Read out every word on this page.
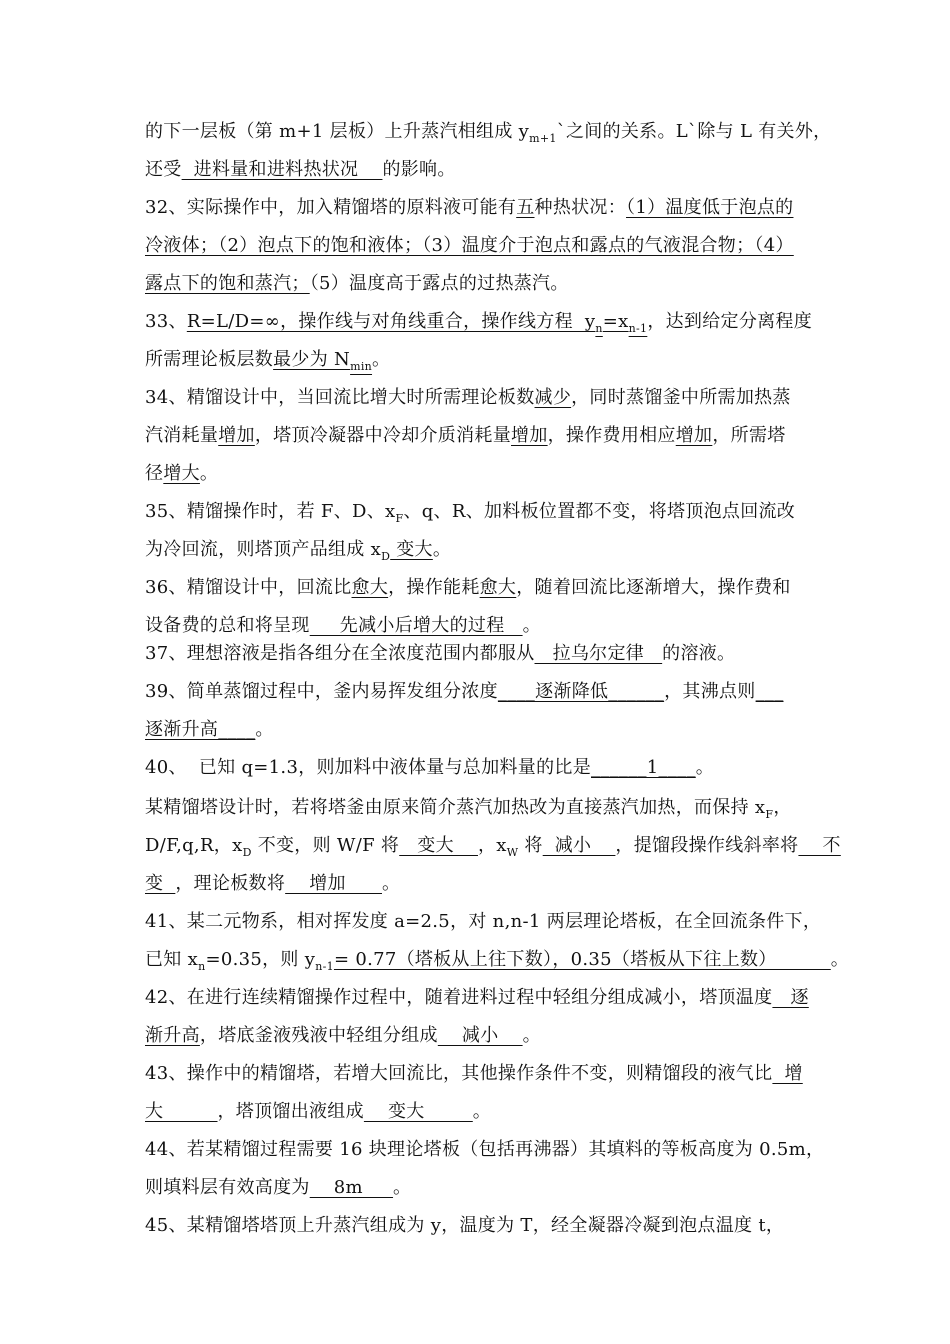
的下一层板（第 m+1 层板）上升蒸汽相组成 $y_{m+1}`$之间的关系。L`除与 L 有关外，
还受  进料量和进料热状况    的影响。
32、实际操作中，加入精馏塔的原料液可能有五种热状况：（1）温度低于泡点的
冷液体；（2）泡点下的饱和液体；（3）温度介于泡点和露点的气液混合物；（4）
露点下的饱和蒸汽；（5）温度高于露点的过热蒸汽。
33、R=L/D=∞，操作线与对角线重合，操作线方程  $y_n=x_{n-1}$，达到给定分离程度
所需理论板层数最少为 $N_{min}$。
34、精馏设计中，当回流比增大时所需理论板数减少，同时蒸馏釜中所需加热蒸
汽消耗量增加，塔顶冷凝器中冷却介质消耗量增加，操作费用相应增加，所需塔
径增大。
35、精馏操作时，若 F、D、$x_F$、q、R、加料板位置都不变，将塔顶泡点回流改
为冷回流，则塔顶产品组成 $x_D$ 变大。
36、精馏设计中，回流比愈大，操作能耗愈大，随着回流比逐渐增大，操作费和
设备费的总和将呈现     先减小后增大的过程   。
37、理想溶液是指各组分在全浓度范围内都服从   拉乌尔定律   的溶液。
39、简单蒸馏过程中，釜内易挥发组分浓度____逐渐降低______，其沸点则___
逐渐升高____。
40、  已知 q=1.3，则加料中液体量与总加料量的比是______1____。
某精馏塔设计时，若将塔釜由原来简介蒸汽加热改为直接蒸汽加热，而保持 $x_F$，
D/F,q,R，$x_D$ 不变，则 W/F 将   变大    ，$x_W$ 将  减小    ，提馏段操作线斜率将    不
变  ，理论板数将    增加      。
41、某二元物系，相对挥发度 a=2.5，对 n,n-1 两层理论塔板，在全回流条件下，
已知 $x_n=0.35$，则 $y_{n-1}= 0.77$（塔板从上往下数），0.35（塔板从下往上数）         。
42、在进行连续精馏操作过程中，随着进料过程中轻组分组成减小，塔顶温度   逐
渐升高，塔底釜液残液中轻组分组成    减小    。
43、操作中的精馏塔，若增大回流比，其他操作条件不变，则精馏段的液气比  增
大         ，塔顶馏出液组成    变大        。
44、若某精馏过程需要 16 块理论塔板（包括再沸器）其填料的等板高度为 0.5m，
则填料层有效高度为    8m     。
45、某精馏塔塔顶上升蒸汽组成为 y，温度为 T，经全凝器冷凝到泡点温度 t，
